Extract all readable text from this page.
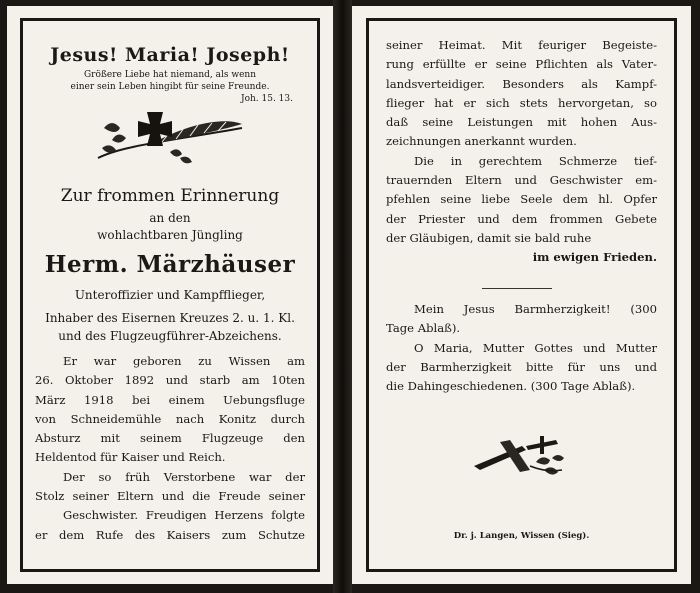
Jesus! Maria! Joseph!
Größere Liebe hat niemand, als wenn
einer sein Leben hingibt für seine Freunde.
Joh. 15. 13.
Zur frommen Erinnerung
an den
wohlachtbaren Jüngling
Herm. Märzhäuser
Unteroffizier und Kampfflieger,
Inhaber des Eisernen Kreuzes 2. u. 1. Kl.
und des Flugzeugführer-Abzeichens.
Er war geboren zu Wissen am
26. Oktober 1892 und starb am 10ten
März 1918 bei einem Uebungsfluge
von Schneidemühle nach Konitz durch
Absturz mit seinem Flugzeuge den
Heldentod für Kaiser und Reich.
Der so früh Verstorbene war der
Stolz seiner Eltern und die Freude seiner
Geschwister. Freudigen Herzens folgte
er dem Rufe des Kaisers zum Schutze
seiner Heimat. Mit feuriger Begeiste-
rung erfüllte er seine Pflichten als Vater-
landsverteidiger. Besonders als Kampf-
flieger hat er sich stets hervorgetan, so
daß seine Leistungen mit hohen Aus-
zeichnungen anerkannt wurden.
Die in gerechtem Schmerze tief-
trauernden Eltern und Geschwister em-
pfehlen seine liebe Seele dem hl. Opfer
der Priester und dem frommen Gebete
der Gläubigen, damit sie bald ruhe
im ewigen Frieden.
Mein Jesus Barmherzigkeit! (300
Tage Ablaß).
O Maria, Mutter Gottes und Mutter
der Barmherzigkeit bitte für uns und
die Dahingeschiedenen. (300 Tage Ablaß).
Dr. j. Langen, Wissen (Sieg).
